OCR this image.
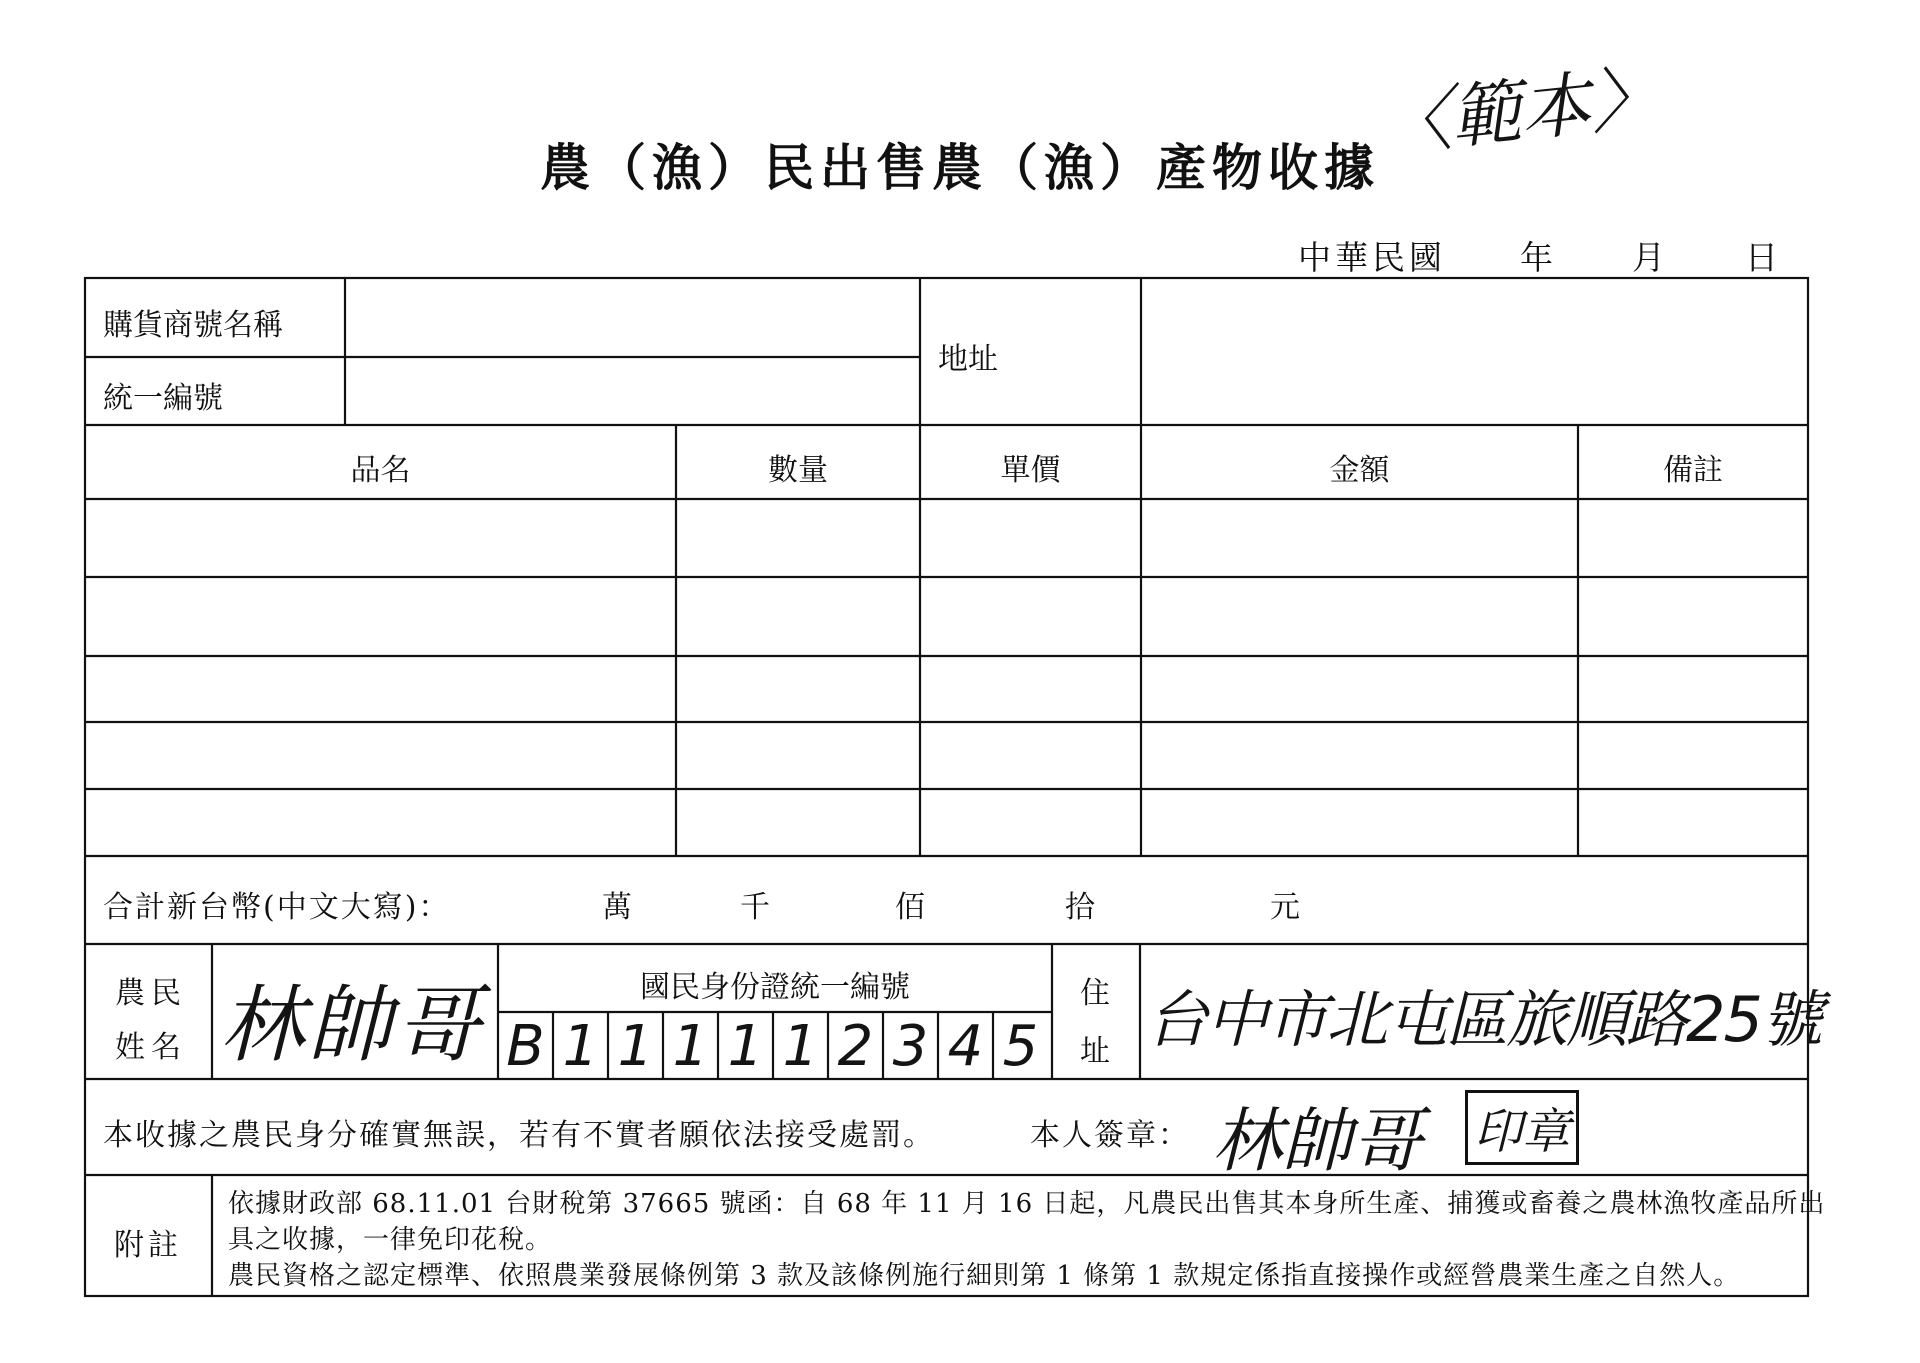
農（漁）民出售農（漁）產物收據
〈範本〉
中華民國 年 月 日
購貨商號名稱
統一編號
地址
品名	數量	單價	金額	備註
合計新台幣(中文大寫)：	萬	千	佰	拾	元
農民
姓名 林帥哥	國民身份證統一編號
B 1 1 1 1 1 2 3 4 5
住
址 台中市北屯區旅順路25號
本收據之農民身分確實無誤，若有不實者願依法接受處罰。	本人簽章： 林帥哥 印章
附註
依據財政部 68.11.01 台財稅第 37665 號函：自 68 年 11 月 16 日起，凡農民出售其本身所生產、捕獲或畜養之農林漁牧產品所出
具之收據，一律免印花稅。
農民資格之認定標準、依照農業發展條例第 3 款及該條例施行細則第 1 條第 1 款規定係指直接操作或經營農業生產之自然人。
